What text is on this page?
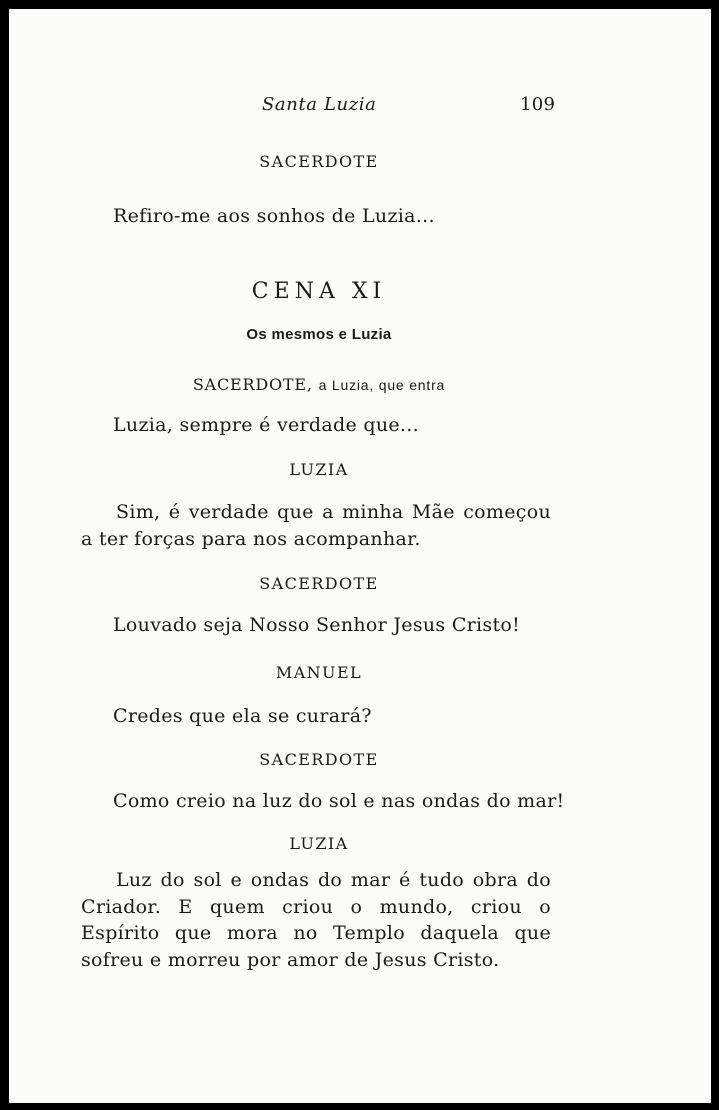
Santa Luzia	109
SACERDOTE
Refiro-me aos sonhos de Luzia...
CENA XI
Os mesmos e Luzia
SACERDOTE, a Luzia, que entra
Luzia, sempre é verdade que...
LUZIA
Sim, é verdade que a minha Mãe começou a ter forças para nos acompanhar.
SACERDOTE
Louvado seja Nosso Senhor Jesus Cristo!
MANUEL
Credes que ela se curará?
SACERDOTE
Como creio na luz do sol e nas ondas do mar!
LUZIA
Luz do sol e ondas do mar é tudo obra do Criador. E quem criou o mundo, criou o Espírito que mora no Templo daquela que sofreu e morreu por amor de Jesus Cristo.
